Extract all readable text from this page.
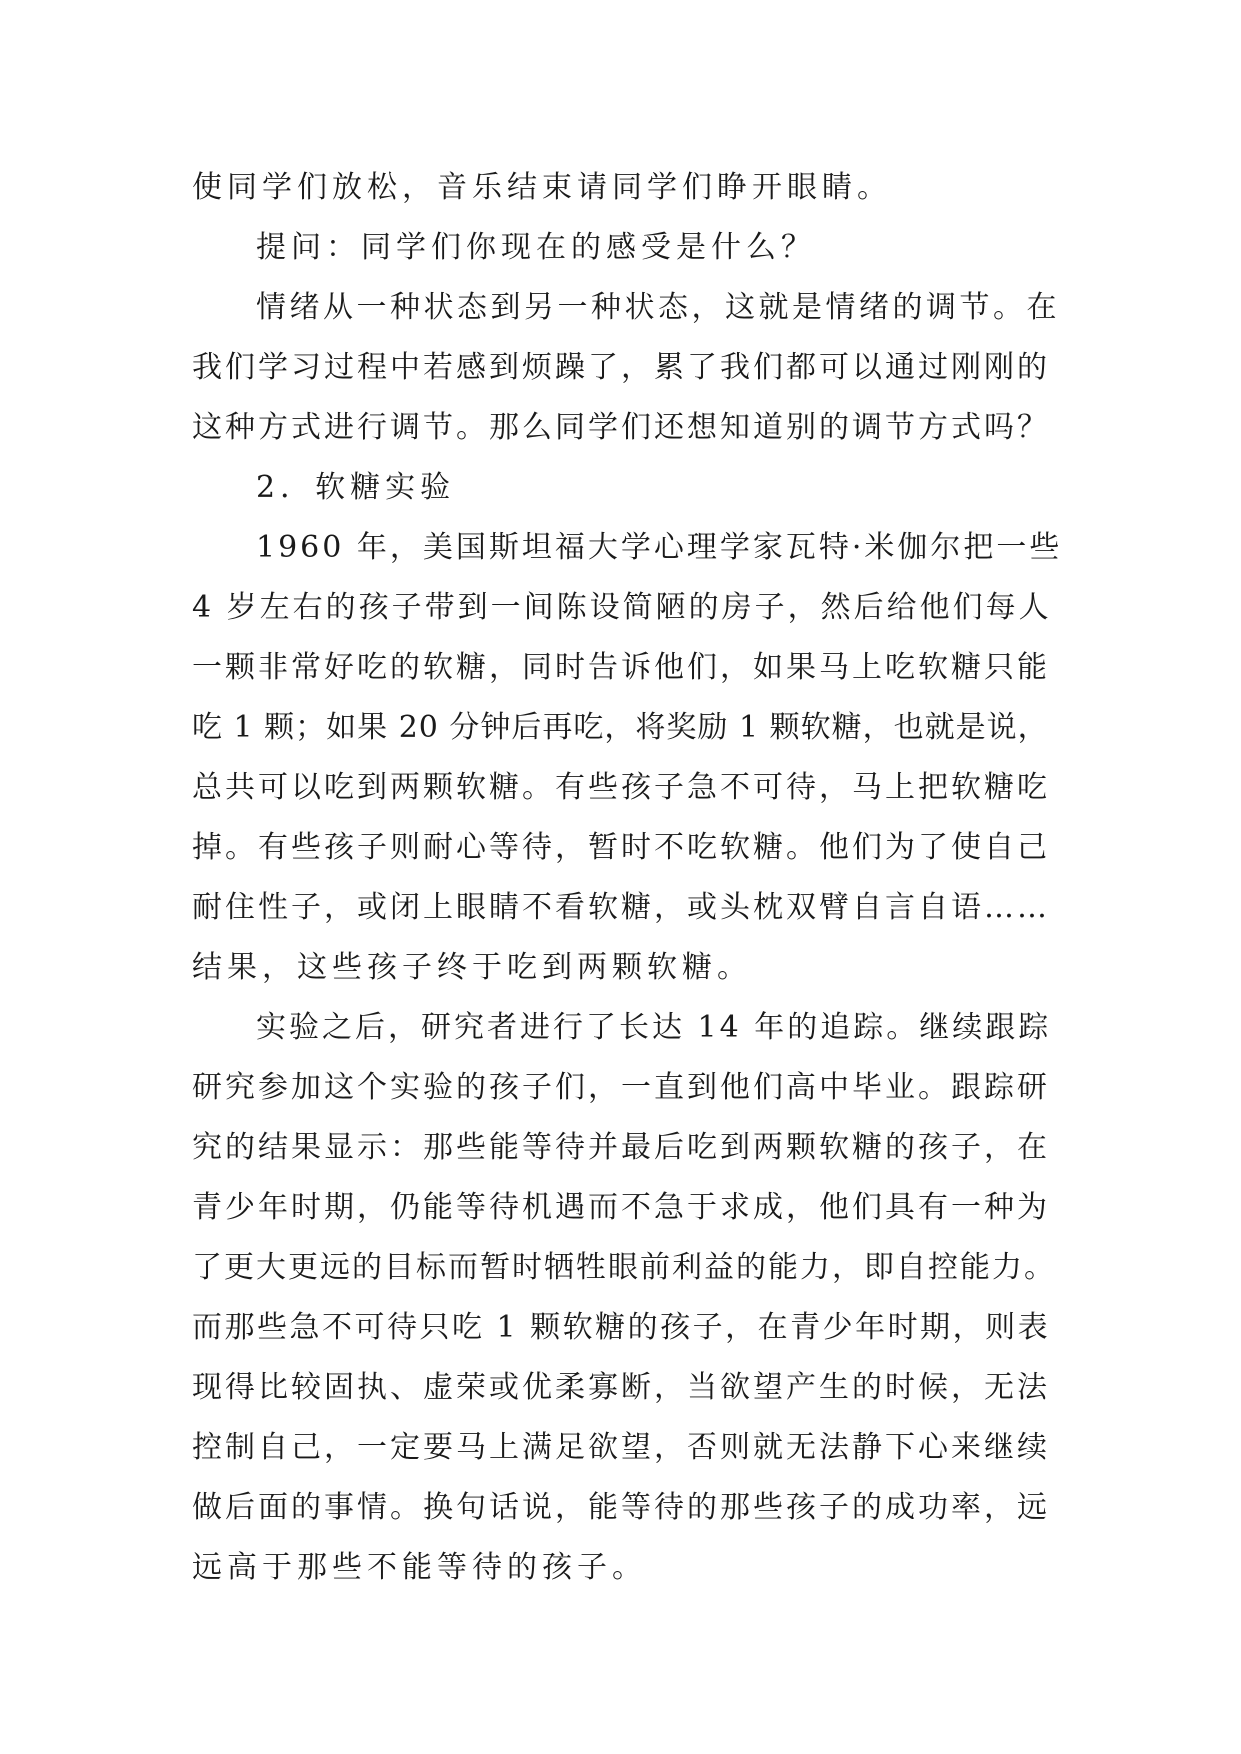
使同学们放松，音乐结束请同学们睁开眼睛。
提问：同学们你现在的感受是什么？
情绪从一种状态到另一种状态，这就是情绪的调节。在
我们学习过程中若感到烦躁了，累了我们都可以通过刚刚的
这种方式进行调节。那么同学们还想知道别的调节方式吗？
2．软糖实验
1960 年，美国斯坦福大学心理学家瓦特·米伽尔把一些
4 岁左右的孩子带到一间陈设简陋的房子，然后给他们每人
一颗非常好吃的软糖，同时告诉他们，如果马上吃软糖只能
吃 1 颗；如果 20 分钟后再吃，将奖励 1 颗软糖，也就是说，
总共可以吃到两颗软糖。有些孩子急不可待，马上把软糖吃
掉。有些孩子则耐心等待，暂时不吃软糖。他们为了使自己
耐住性子，或闭上眼睛不看软糖，或头枕双臂自言自语……
结果，这些孩子终于吃到两颗软糖。
实验之后，研究者进行了长达 14 年的追踪。继续跟踪
研究参加这个实验的孩子们，一直到他们高中毕业。跟踪研
究的结果显示：那些能等待并最后吃到两颗软糖的孩子，在
青少年时期，仍能等待机遇而不急于求成，他们具有一种为
了更大更远的目标而暂时牺牲眼前利益的能力，即自控能力。
而那些急不可待只吃 1 颗软糖的孩子，在青少年时期，则表
现得比较固执、虚荣或优柔寡断，当欲望产生的时候，无法
控制自己，一定要马上满足欲望，否则就无法静下心来继续
做后面的事情。换句话说，能等待的那些孩子的成功率，远
远高于那些不能等待的孩子。
